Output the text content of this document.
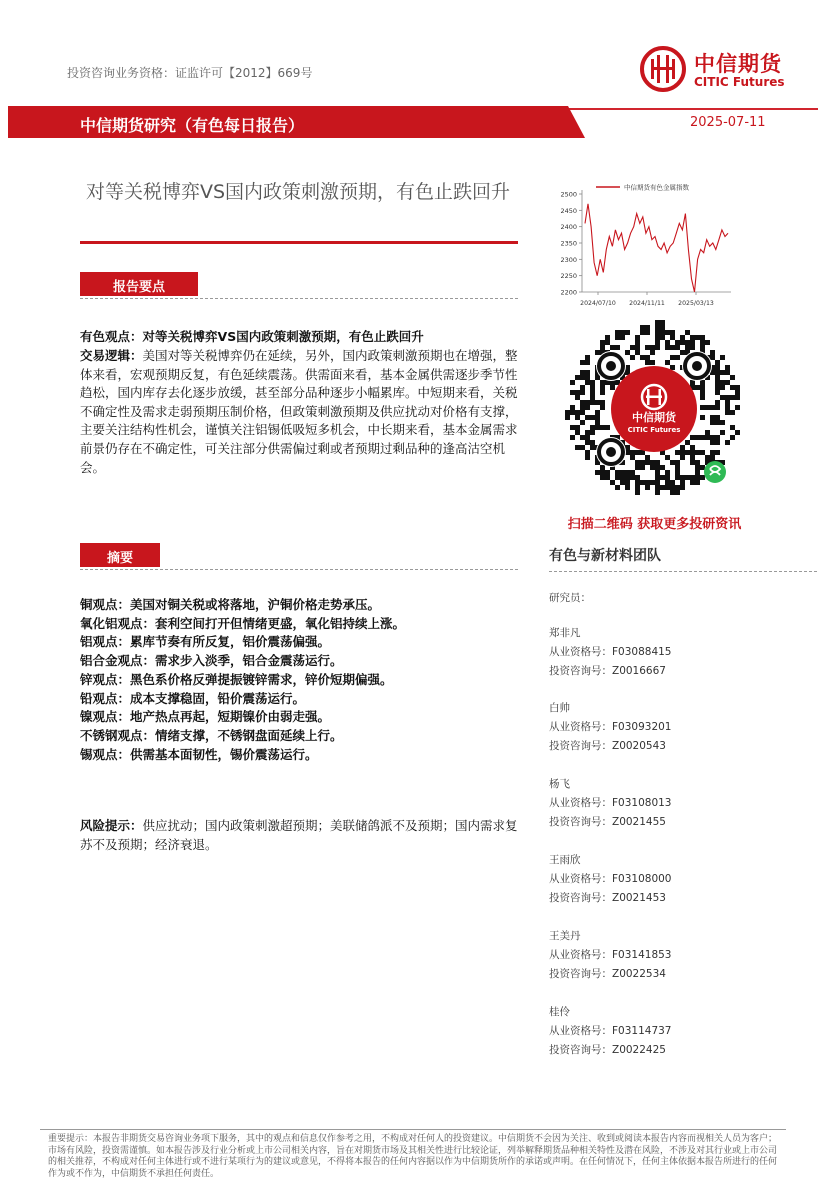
投资咨询业务资格：证监许可【2012】669号	中信期货
CITIC Futures
中信期货研究（有色每日报告）	2025-07-11
对等关税博弈VS国内政策刺激预期，有色止跌回升
报告要点
有色观点：对等关税博弈VS国内政策刺激预期，有色止跌回升
交易逻辑：美国对等关税博弈仍在延续，另外，国内政策刺激预期也在增强，整体来看，宏观预期反复，有色延续震荡。供需面来看，基本金属供需逐步季节性趋松，国内库存去化逐步放缓，甚至部分品种逐步小幅累库。中短期来看，关税不确定性及需求走弱预期压制价格，但政策刺激预期及供应扰动对价格有支撑，主要关注结构性机会，谨慎关注铝锡低吸短多机会，中长期来看，基本金属需求前景仍存在不确定性，可关注部分供需偏过剩或者预期过剩品种的逢高沽空机会。
摘要
铜观点：美国对铜关税或将落地，沪铜价格走势承压。
氧化铝观点：套利空间打开但情绪更盛，氧化铝持续上涨。
铝观点：累库节奏有所反复，铝价震荡偏强。
铝合金观点：需求步入淡季，铝合金震荡运行。
锌观点：黑色系价格反弹提振镀锌需求，锌价短期偏强。
铅观点：成本支撑稳固，铅价震荡运行。
镍观点：地产热点再起，短期镍价由弱走强。
不锈钢观点：情绪支撑，不锈钢盘面延续上行。
锡观点：供需基本面韧性，锡价震荡运行。
风险提示：供应扰动；国内政策刺激超预期；美联储鸽派不及预期；国内需求复苏不及预期；经济衰退。
2200
2250
2300
2350
2400
2450
2500
2024/07/10 2024/11/11 2025/03/13
中信期货有色金属指数
中信期货
CITIC Futures
扫描二维码 获取更多投研资讯
有色与新材料团队
研究员：
郑非凡
从业资格号：F03088415
投资咨询号：Z0016667
白帅
从业资格号：F03093201
投资咨询号：Z0020543
杨飞
从业资格号：F03108013
投资咨询号：Z0021455
王雨欣
从业资格号：F03108000
投资咨询号：Z0021453
王美丹
从业资格号：F03141853
投资咨询号：Z0022534
桂伶
从业资格号：F03114737
投资咨询号：Z0022425
重要提示：本报告非期货交易咨询业务项下服务，其中的观点和信息仅作参考之用，不构成对任何人的投资建议。中信期货不会因为关注、收到或阅读本报告内容而视相关人员为客户；市场有风险，投资需谨慎。如本报告涉及行业分析或上市公司相关内容，旨在对期货市场及其相关性进行比较论证，列举解释期货品种相关特性及潜在风险，不涉及对其行业或上市公司的相关推荐，不构成对任何主体进行或不进行某项行为的建议或意见，不得将本报告的任何内容据以作为中信期货所作的承诺或声明。在任何情况下，任何主体依据本报告所进行的任何作为或不作为，中信期货不承担任何责任。
